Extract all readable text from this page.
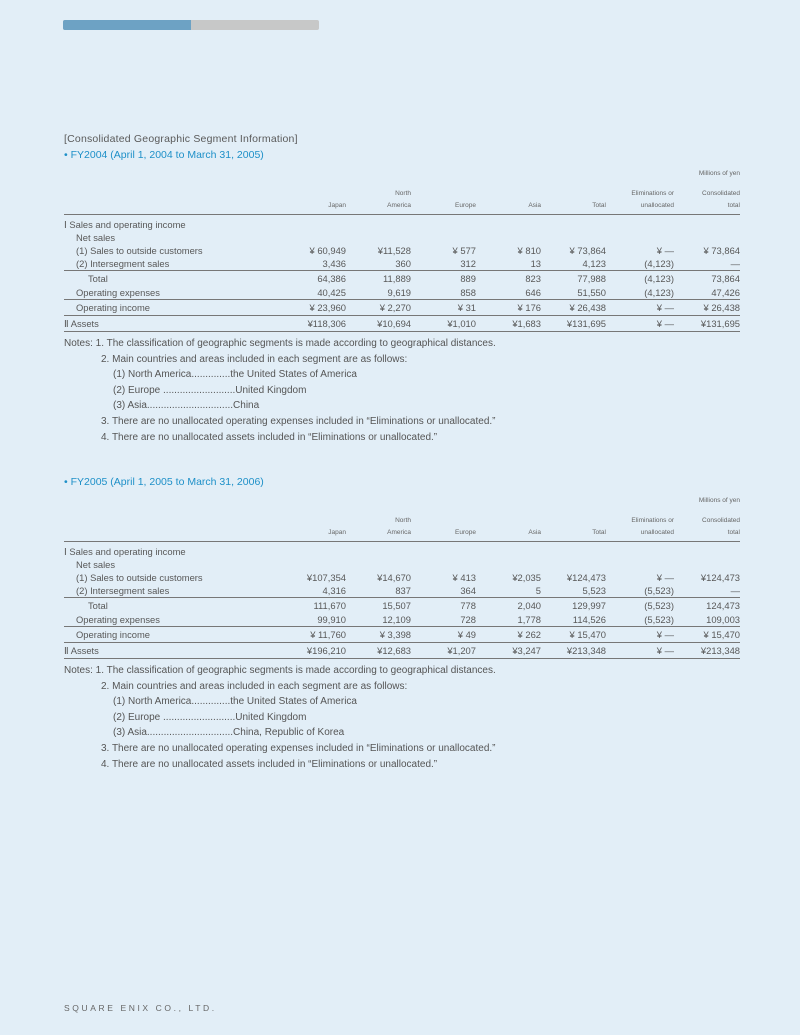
[Consolidated Geographic Segment Information]
• FY2004 (April 1, 2004 to March 31, 2005)
Millions of yen
		North				Eliminations or	Consolidated
	Japan	America	Europe	Asia	Total	unallocated	total
Ⅰ Sales and operating income							
Net sales							
(1) Sales to outside customers	¥ 60,949	¥11,528	¥ 577	¥ 810	¥ 73,864	¥ —	¥ 73,864
(2) Intersegment sales	3,436	360	312	13	4,123	(4,123)	—
Total	64,386	11,889	889	823	77,988	(4,123)	73,864
Operating expenses	40,425	9,619	858	646	51,550	(4,123)	47,426
Operating income	¥ 23,960	¥ 2,270	¥ 31	¥ 176	¥ 26,438	¥ —	¥ 26,438
Ⅱ Assets	¥118,306	¥10,694	¥1,010	¥1,683	¥131,695	¥ —	¥131,695
Notes: 1. The classification of geographic segments is made according to geographical distances.
2. Main countries and areas included in each segment are as follows:
(1) North America..............the United States of America
(2) Europe ..........................United Kingdom
(3) Asia...............................China
3. There are no unallocated operating expenses included in “Eliminations or unallocated.”
4. There are no unallocated assets included in “Eliminations or unallocated.”
• FY2005 (April 1, 2005 to March 31, 2006)
Millions of yen
		North				Eliminations or	Consolidated
	Japan	America	Europe	Asia	Total	unallocated	total
Ⅰ Sales and operating income							
Net sales							
(1) Sales to outside customers	¥107,354	¥14,670	¥ 413	¥2,035	¥124,473	¥ —	¥124,473
(2) Intersegment sales	4,316	837	364	5	5,523	(5,523)	—
Total	111,670	15,507	778	2,040	129,997	(5,523)	124,473
Operating expenses	99,910	12,109	728	1,778	114,526	(5,523)	109,003
Operating income	¥ 11,760	¥ 3,398	¥ 49	¥ 262	¥ 15,470	¥ —	¥ 15,470
Ⅱ Assets	¥196,210	¥12,683	¥1,207	¥3,247	¥213,348	¥ —	¥213,348
Notes: 1. The classification of geographic segments is made according to geographical distances.
2. Main countries and areas included in each segment are as follows:
(1) North America..............the United States of America
(2) Europe ..........................United Kingdom
(3) Asia...............................China, Republic of Korea
3. There are no unallocated operating expenses included in “Eliminations or unallocated.”
4. There are no unallocated assets included in “Eliminations or unallocated.”
SQUARE ENIX CO., LTD.
